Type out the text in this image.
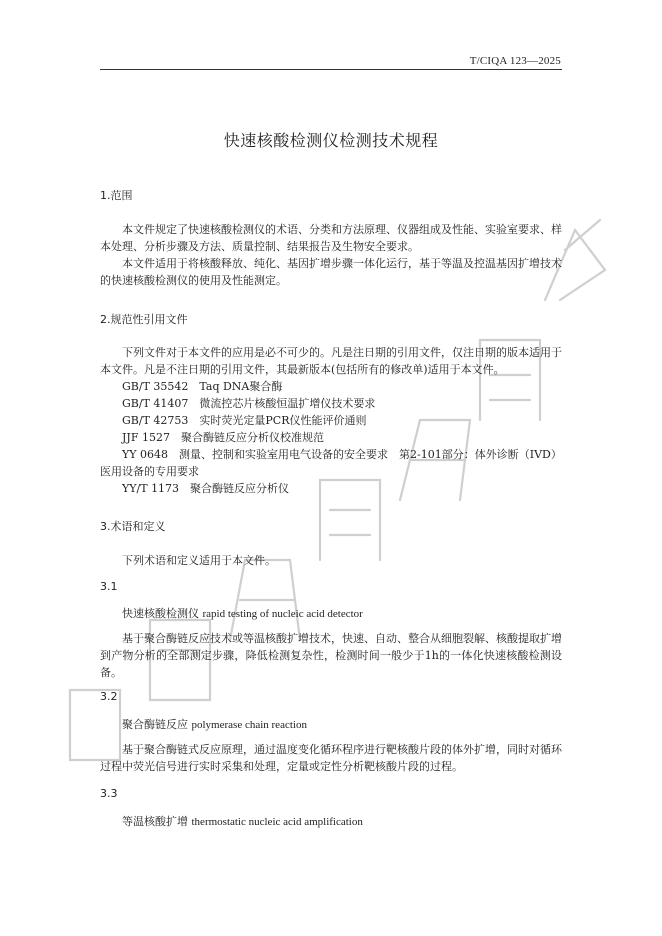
T/CIQA 123—2025
快速核酸检测仪检测技术规程
1.范围

本文件规定了快速核酸检测仪的术语、分类和方法原理、仪器组成及性能、实验室要求、样本处理、分析步骤及方法、质量控制、结果报告及生物安全要求。

本文件适用于将核酸释放、纯化、基因扩增步骤一体化运行，基于等温及控温基因扩增技术的快速核酸检测仪的使用及性能测定。

2.规范性引用文件

下列文件对于本文件的应用是必不可少的。凡是注日期的引用文件，仅注日期的版本适用于本文件。凡是不注日期的引用文件，其最新版本(包括所有的修改单)适用于本文件。

GB/T 35542　Taq DNA聚合酶

GB/T 41407　微流控芯片核酸恒温扩增仪技术要求

GB/T 42753　实时荧光定量PCR仪性能评价通则

JJF 1527　聚合酶链反应分析仪校准规范

YY 0648　测量、控制和实验室用电气设备的安全要求　第2-101部分：体外诊断（IVD）

医用设备的专用要求

YY/T 1173　聚合酶链反应分析仪

3.术语和定义

下列术语和定义适用于本文件。

3.1
快速核酸检测仪 rapid testing of nucleic acid detector

基于聚合酶链反应技术或等温核酸扩增技术，快速、自动、整合从细胞裂解、核酸提取扩增到产物分析的全部测定步骤，降低检测复杂性，检测时间一般少于1h的一体化快速核酸检测设备。

3.2
聚合酶链反应 polymerase chain reaction

基于聚合酶链式反应原理，通过温度变化循环程序进行靶核酸片段的体外扩增，同时对循环过程中荧光信号进行实时采集和处理，定量或定性分析靶核酸片段的过程。

3.3
等温核酸扩增 thermostatic nucleic acid amplification
